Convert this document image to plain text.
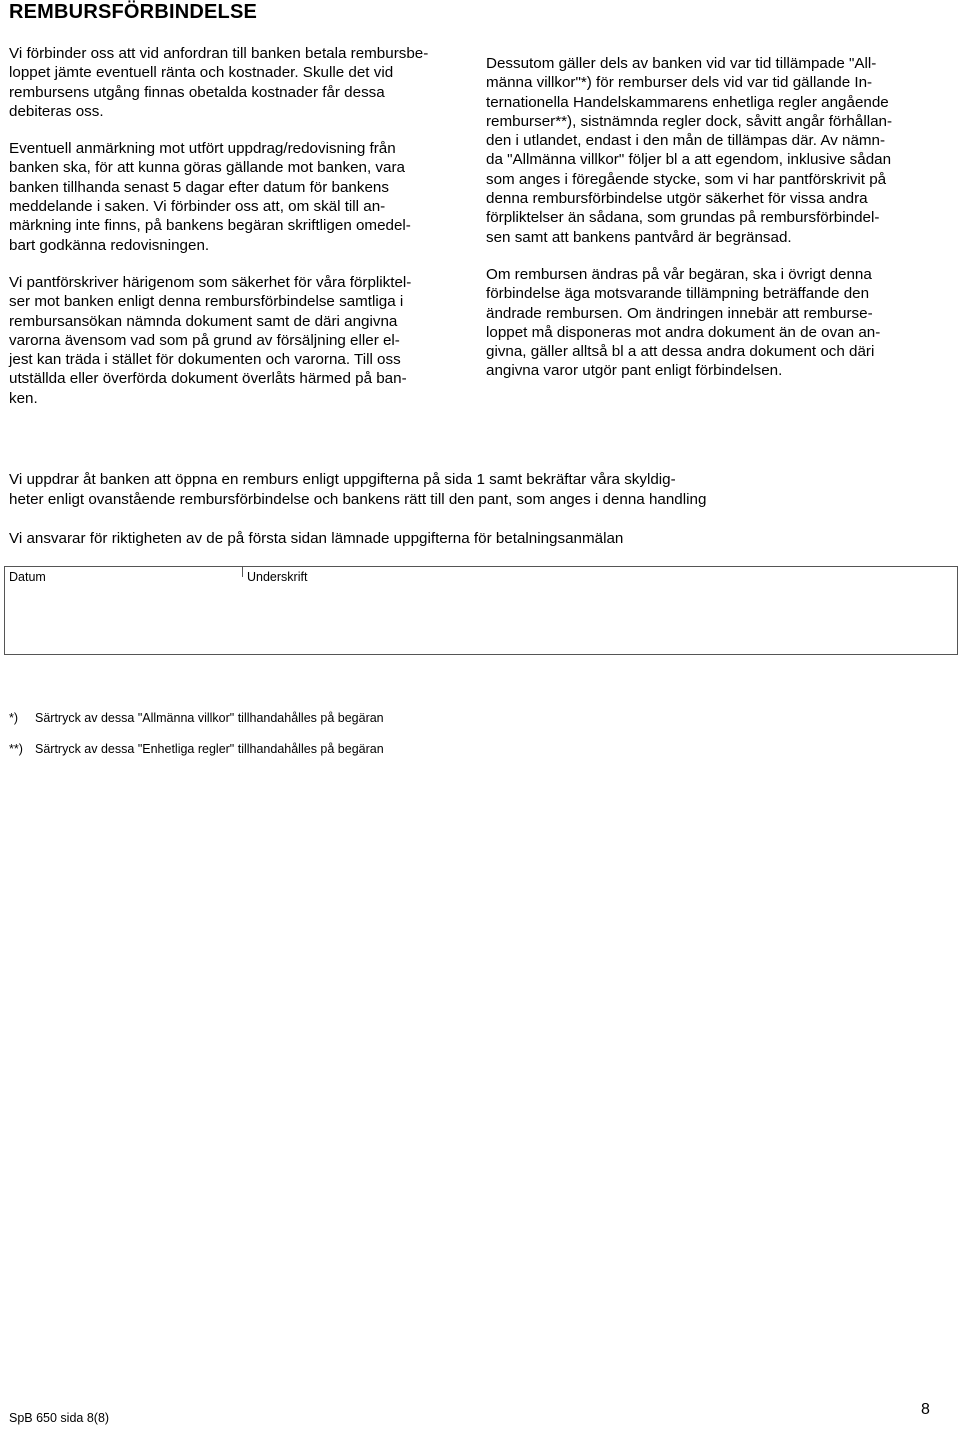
REMBURSFÖRBINDELSE

Vi förbinder oss att vid anfordran till banken betala rembursbe-
loppet jämte eventuell ränta och kostnader. Skulle det vid
rembursens utgång finnas obetalda kostnader får dessa
debiteras oss.

Eventuell anmärkning mot utfört uppdrag/redovisning från
banken ska, för att kunna göras gällande mot banken, vara
banken tillhanda senast 5 dagar efter datum för bankens
meddelande i saken. Vi förbinder oss att, om skäl till an-
märkning inte finns, på bankens begäran skriftligen omedel-
bart godkänna redovisningen.

Vi pantförskriver härigenom som säkerhet för våra förpliktel-
ser mot banken enligt denna rembursförbindelse samtliga i
rembursansökan nämnda dokument samt de däri angivna
varorna ävensom vad som på grund av försäljning eller el-
jest kan träda i stället för dokumenten och varorna. Till oss
utställda eller överförda dokument överlåts härmed på ban-
ken.

Dessutom gäller dels av banken vid var tid tillämpade "All-
männa villkor"*) för remburser dels vid var tid gällande In-
ternationella Handelskammarens enhetliga regler angående
remburser**), sistnämnda regler dock, såvitt angår förhållan-
den i utlandet, endast i den mån de tillämpas där. Av nämn-
da "Allmänna villkor" följer bl a att egendom, inklusive sådan
som anges i föregående stycke, som vi har pantförskrivit på
denna rembursförbindelse utgör säkerhet för vissa andra
förpliktelser än sådana, som grundas på rembursförbindel-
sen samt att bankens pantvård är begränsad.

Om rembursen ändras på vår begäran, ska i övrigt denna
förbindelse äga motsvarande tillämpning beträffande den
ändrade rembursen. Om ändringen innebär att remburse-
loppet må disponeras mot andra dokument än de ovan an-
givna, gäller alltså bl a att dessa andra dokument och däri
angivna varor utgör pant enligt förbindelsen.

Vi uppdrar åt banken att öppna en remburs enligt uppgifterna på sida 1 samt bekräftar våra skyldig-
heter enligt ovanstående rembursförbindelse och bankens rätt till den pant, som anges i denna handling
Vi ansvarar för riktigheten av de på första sidan lämnade uppgifterna för betalningsanmälan
Datum	Underskrift
*) Särtryck av dessa "Allmänna villkor" tillhandahålles på begäran
**) Särtryck av dessa "Enhetliga regler" tillhandahålles på begäran
SpB 650 sida 8(8)	8
